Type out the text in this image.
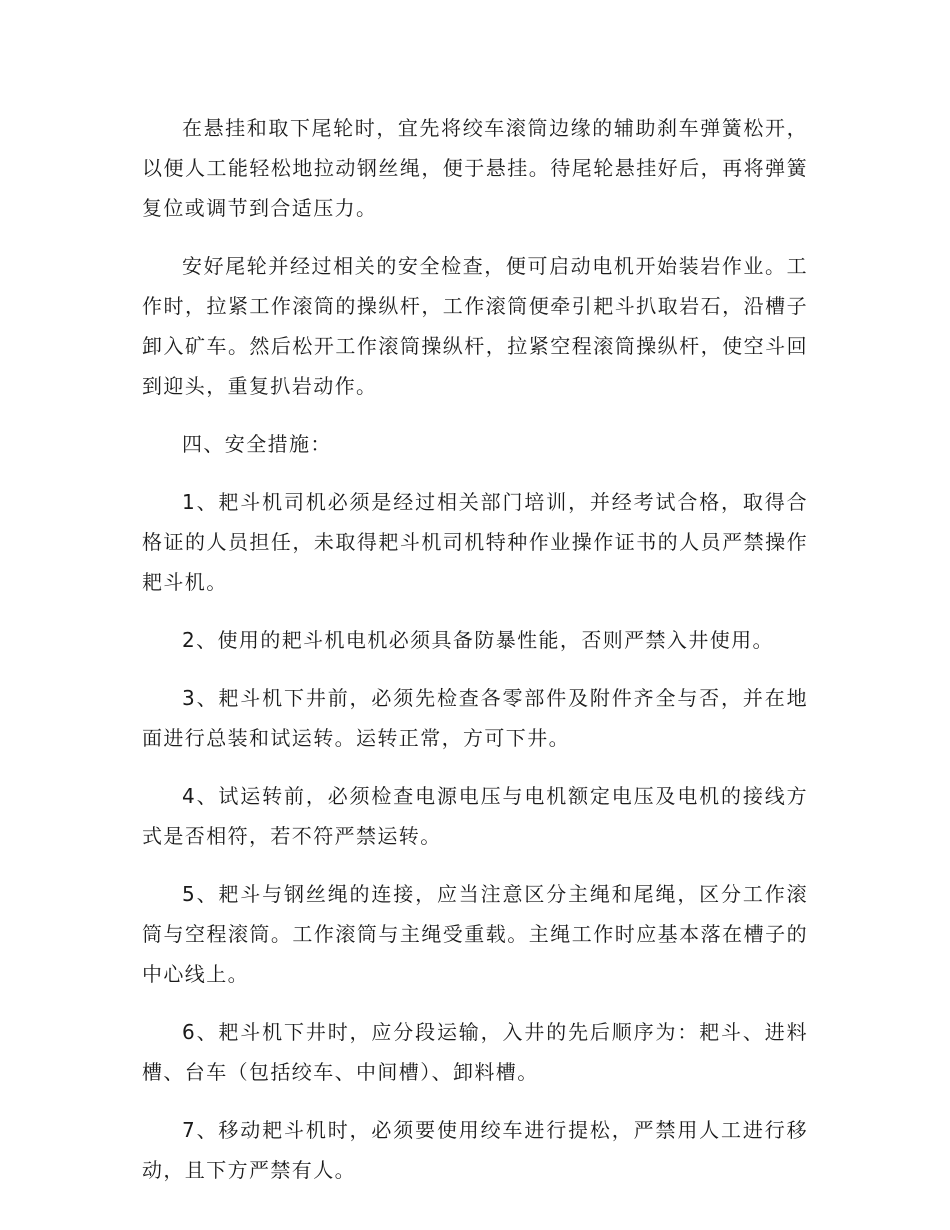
在悬挂和取下尾轮时，宜先将绞车滚筒边缘的辅助刹车弹簧松开，以便人工能轻松地拉动钢丝绳，便于悬挂。待尾轮悬挂好后，再将弹簧复位或调节到合适压力。

安好尾轮并经过相关的安全检查，便可启动电机开始装岩作业。工作时，拉紧工作滚筒的操纵杆，工作滚筒便牵引耙斗扒取岩石，沿槽子卸入矿车。然后松开工作滚筒操纵杆，拉紧空程滚筒操纵杆，使空斗回到迎头，重复扒岩动作。

四、安全措施：

1、耙斗机司机必须是经过相关部门培训，并经考试合格，取得合格证的人员担任，未取得耙斗机司机特种作业操作证书的人员严禁操作耙斗机。

2、使用的耙斗机电机必须具备防暴性能，否则严禁入井使用。

3、耙斗机下井前，必须先检查各零部件及附件齐全与否，并在地面进行总装和试运转。运转正常，方可下井。

4、试运转前，必须检查电源电压与电机额定电压及电机的接线方式是否相符，若不符严禁运转。

5、耙斗与钢丝绳的连接，应当注意区分主绳和尾绳，区分工作滚筒与空程滚筒。工作滚筒与主绳受重载。主绳工作时应基本落在槽子的中心线上。

6、耙斗机下井时，应分段运输，入井的先后顺序为：耙斗、进料槽、台车（包括绞车、中间槽）、卸料槽。

7、移动耙斗机时，必须要使用绞车进行提松，严禁用人工进行移动，且下方严禁有人。
